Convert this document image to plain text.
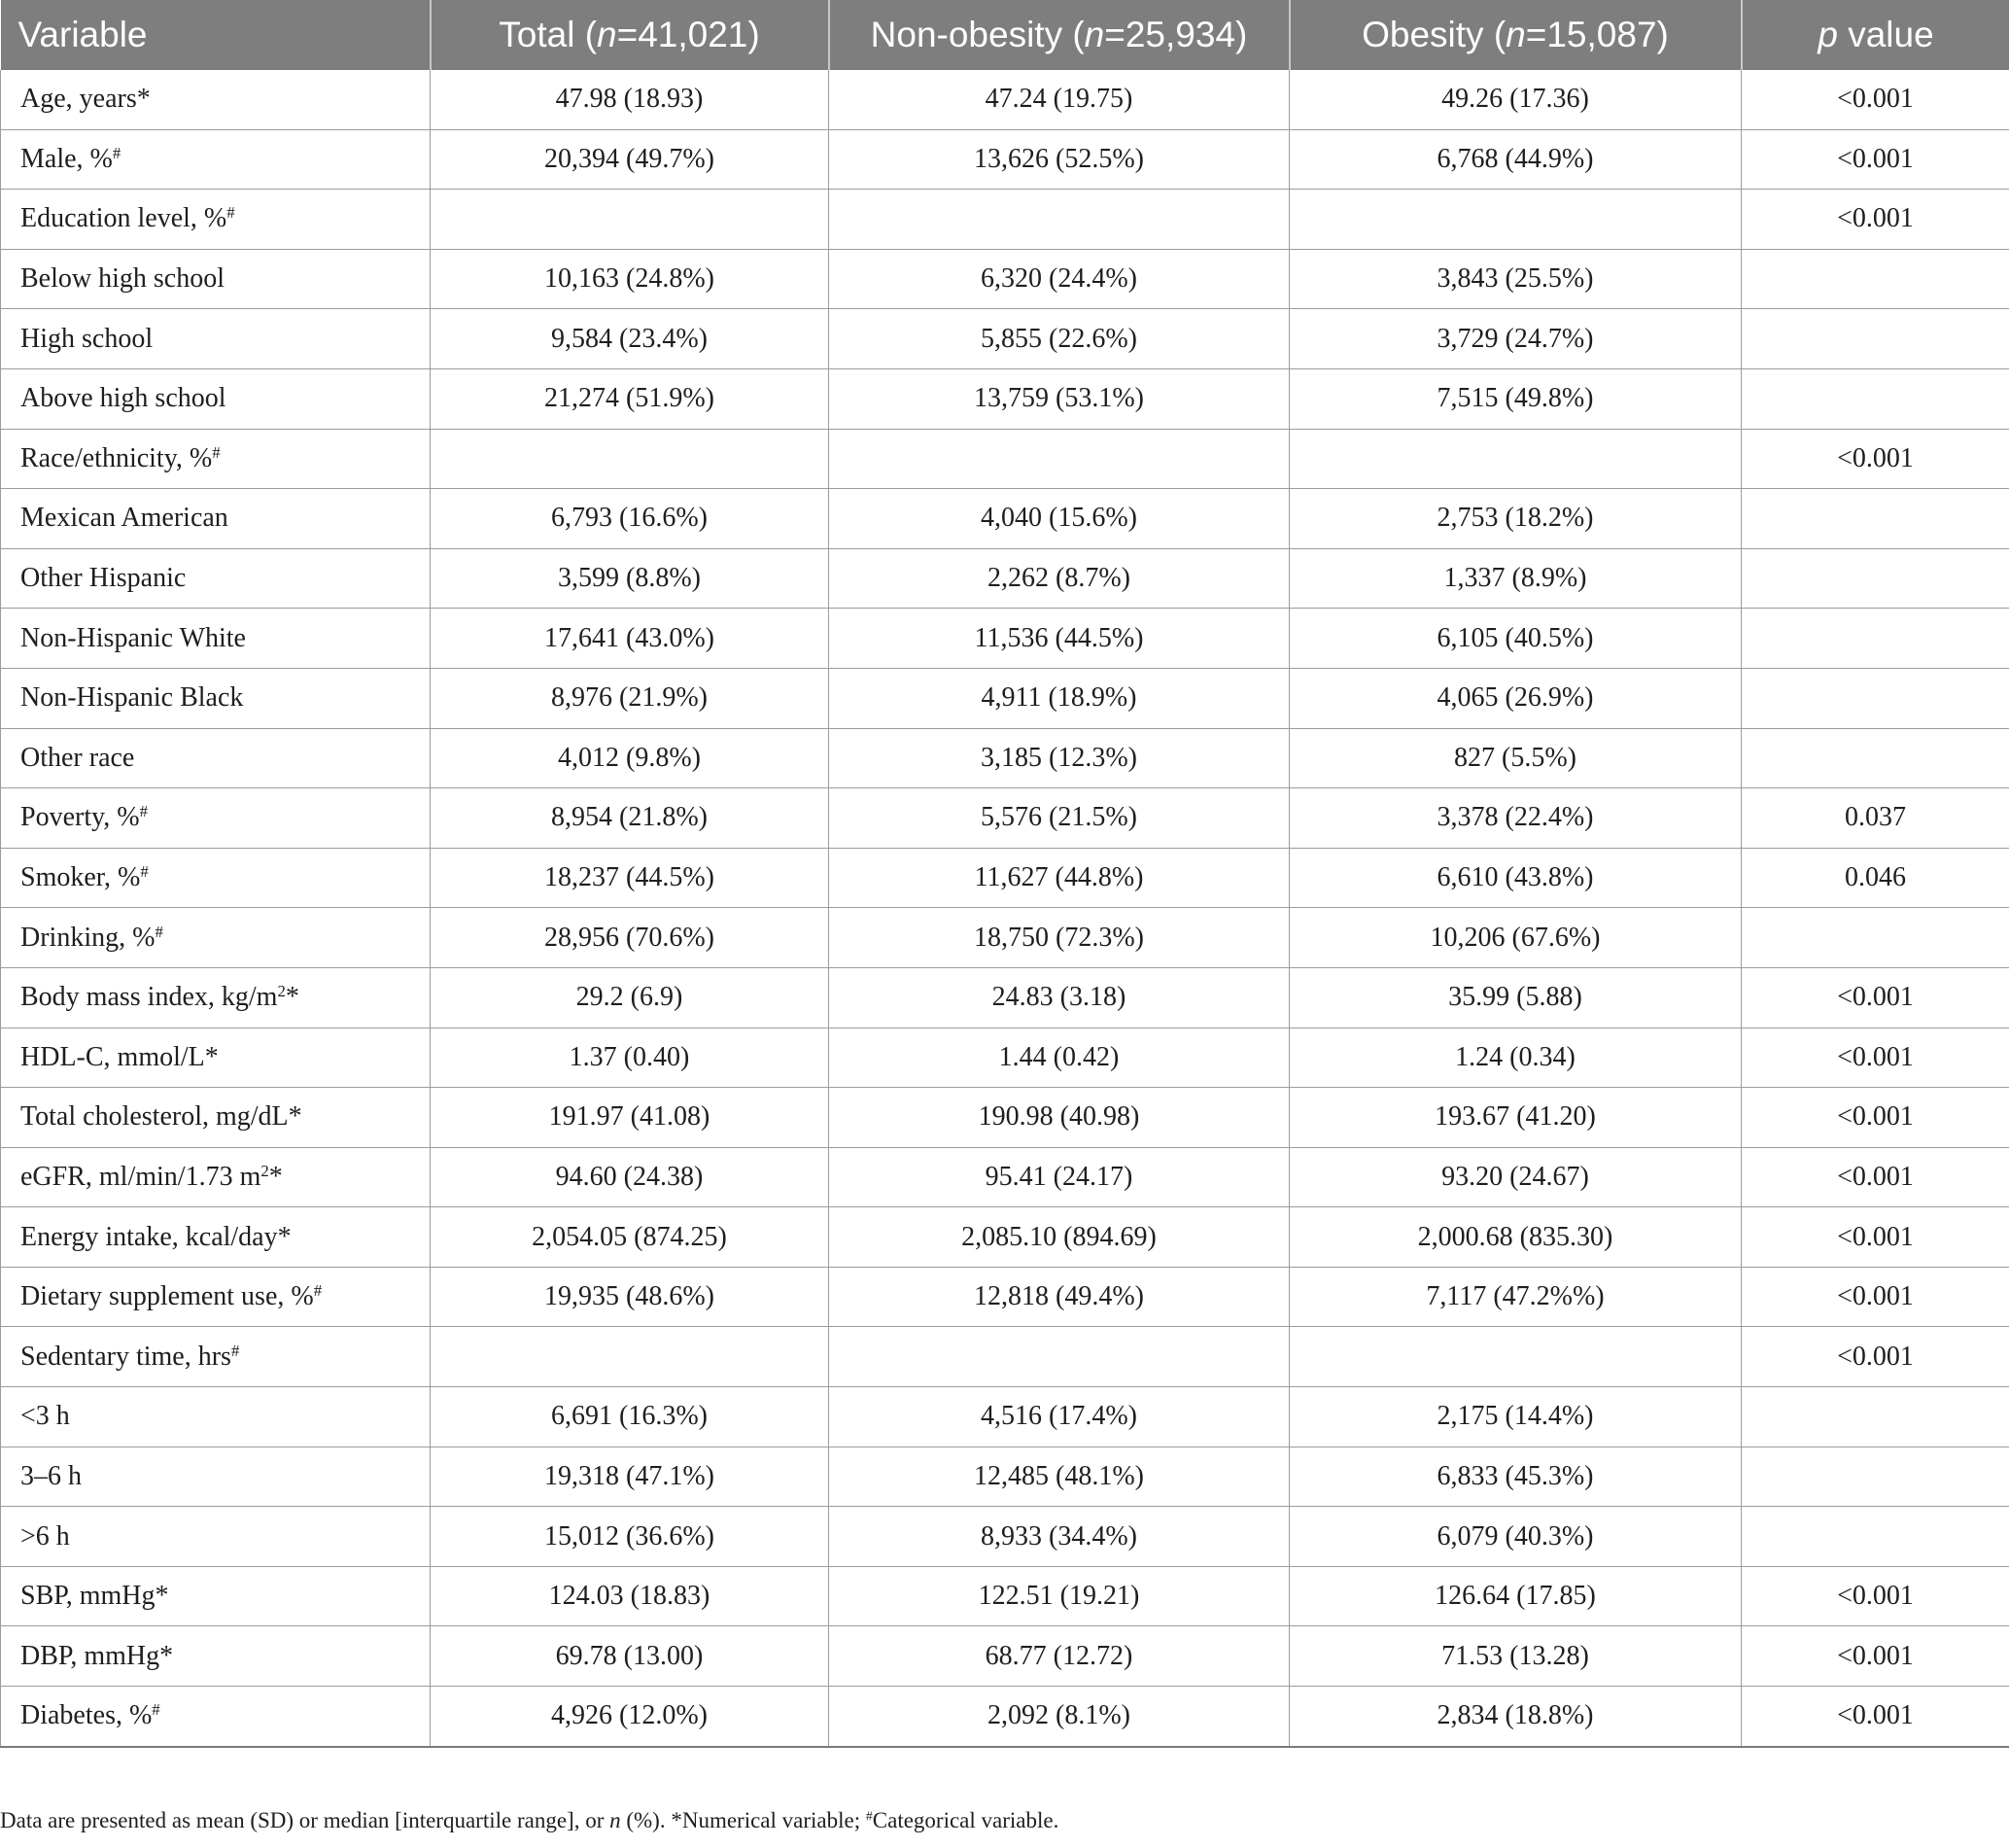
Variable	Total (n=41,021)	Non-obesity (n=25,934)	Obesity (n=15,087)	p value
Age, years*	47.98 (18.93)	47.24 (19.75)	49.26 (17.36)	<0.001
Male, %#	20,394 (49.7%)	13,626 (52.5%)	6,768 (44.9%)	<0.001
Education level, %#				<0.001
Below high school	10,163 (24.8%)	6,320 (24.4%)	3,843 (25.5%)	
High school	9,584 (23.4%)	5,855 (22.6%)	3,729 (24.7%)	
Above high school	21,274 (51.9%)	13,759 (53.1%)	7,515 (49.8%)	
Race/ethnicity, %#				<0.001
Mexican American	6,793 (16.6%)	4,040 (15.6%)	2,753 (18.2%)	
Other Hispanic	3,599 (8.8%)	2,262 (8.7%)	1,337 (8.9%)	
Non-Hispanic White	17,641 (43.0%)	11,536 (44.5%)	6,105 (40.5%)	
Non-Hispanic Black	8,976 (21.9%)	4,911 (18.9%)	4,065 (26.9%)	
Other race	4,012 (9.8%)	3,185 (12.3%)	827 (5.5%)	
Poverty, %#	8,954 (21.8%)	5,576 (21.5%)	3,378 (22.4%)	0.037
Smoker, %#	18,237 (44.5%)	11,627 (44.8%)	6,610 (43.8%)	0.046
Drinking, %#	28,956 (70.6%)	18,750 (72.3%)	10,206 (67.6%)	
Body mass index, $kg/m^2*$	29.2 (6.9)	24.83 (3.18)	35.99 (5.88)	<0.001
HDL-C, mmol/L*	1.37 (0.40)	1.44 (0.42)	1.24 (0.34)	<0.001
Total cholesterol, mg/dL*	191.97 (41.08)	190.98 (40.98)	193.67 (41.20)	<0.001
eGFR, ml/min/1.73 $m^2*$	94.60 (24.38)	95.41 (24.17)	93.20 (24.67)	<0.001
Energy intake, kcal/day*	2,054.05 (874.25)	2,085.10 (894.69)	2,000.68 (835.30)	<0.001
Dietary supplement use, %#	19,935 (48.6%)	12,818 (49.4%)	7,117 (47.2%%)	<0.001
Sedentary time, hrs#				<0.001
<3 h	6,691 (16.3%)	4,516 (17.4%)	2,175 (14.4%)	
3–6 h	19,318 (47.1%)	12,485 (48.1%)	6,833 (45.3%)	
>6 h	15,012 (36.6%)	8,933 (34.4%)	6,079 (40.3%)	
SBP, mmHg*	124.03 (18.83)	122.51 (19.21)	126.64 (17.85)	<0.001
DBP, mmHg*	69.78 (13.00)	68.77 (12.72)	71.53 (13.28)	<0.001
Diabetes, %#	4,926 (12.0%)	2,092 (8.1%)	2,834 (18.8%)	<0.001
Data are presented as mean (SD) or median [interquartile range], or n (%). *Numerical variable; #Categorical variable.
